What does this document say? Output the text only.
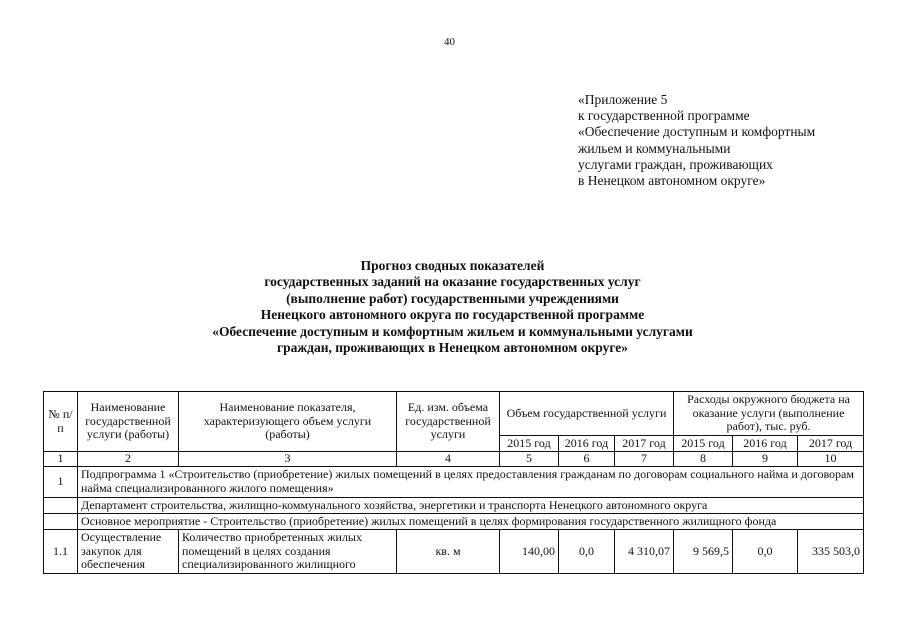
40
«Приложение 5
к государственной программе
«Обеспечение доступным и комфортным
жильем и коммунальными
услугами граждан, проживающих
в Ненецком автономном округе»
Прогноз сводных показателей
государственных заданий на оказание государственных услуг
(выполнение работ) государственными учреждениями
Ненецкого автономного округа по государственной программе
«Обеспечение доступным и комфортным жильем и коммунальными услугами
граждан, проживающих в Ненецком автономном округе»
№ п/п	Наименование государственной услуги (работы)	Наименование показателя, характеризующего объем услуги (работы)	Ед. изм. объема государственной услуги	Объем государственной услуги			Расходы окружного бюджета на оказание услуги (выполнение работ), тыс. руб.		
				2015 год	2016 год	2017 год	2015 год	2016 год	2017 год
1	2	3	4	5	6	7	8	9	10
1	Подпрограмма 1 «Строительство (приобретение) жилых помещений в целях предоставления гражданам по договорам социального найма и договорам найма специализированного жилого помещения»								
	Департамент строительства, жилищно-коммунального хозяйства, энергетики и транспорта Ненецкого автономного округа								
	Основное мероприятие - Строительство (приобретение) жилых помещений в целях формирования государственного жилищного фонда								
1.1	Осуществление закупок для обеспечения	Количество приобретенных жилых помещений в целях создания специализированного жилищного	кв. м	140,00	0,0	4 310,07	9 569,5	0,0	335 503,0
